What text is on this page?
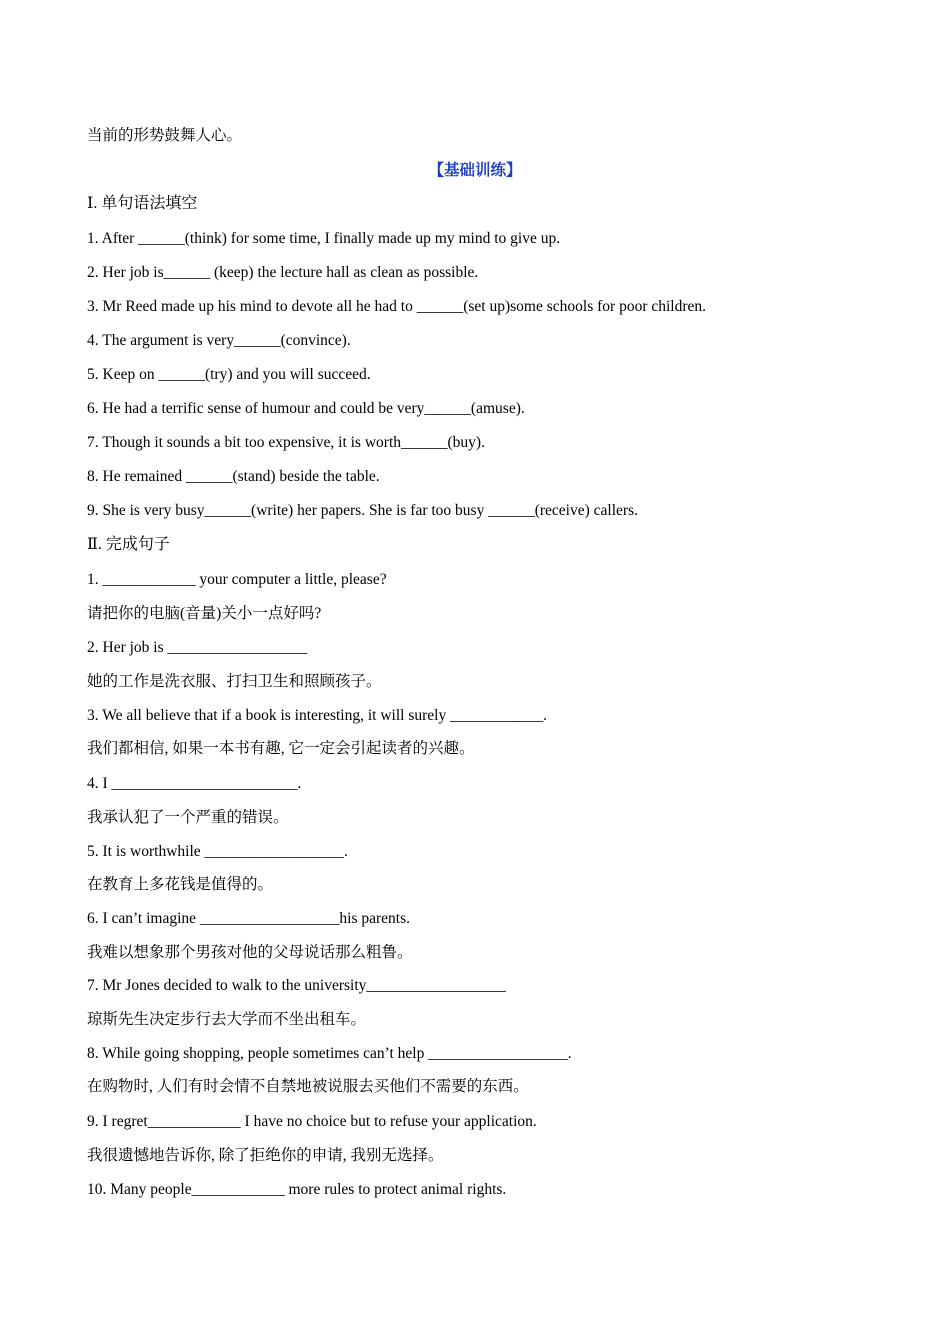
当前的形势鼓舞人心。
【基础训练】
Ⅰ. 单句语法填空
1. After ______(think) for some time, I finally made up my mind to give up.
2. Her job is______ (keep) the lecture hall as clean as possible.
3. Mr Reed made up his mind to devote all he had to ______(set up)some schools for poor children.
4. The argument is very______(convince).
5. Keep on ______(try) and you will succeed.
6. He had a terrific sense of humour and could be very______(amuse).
7. Though it sounds a bit too expensive, it is worth______(buy).
8. He remained ______(stand) beside the table.
9. She is very busy______(write) her papers. She is far too busy ______(receive) callers.
Ⅱ. 完成句子
1. ____________ your computer a little, please?
请把你的电脑(音量)关小一点好吗?
2. Her job is __________________
她的工作是洗衣服、打扫卫生和照顾孩子。
3. We all believe that if a book is interesting, it will surely ____________.
我们都相信, 如果一本书有趣, 它一定会引起读者的兴趣。
4. I ________________________.
我承认犯了一个严重的错误。
5. It is worthwhile __________________.
在教育上多花钱是值得的。
6. I can’t imagine __________________his parents.
我难以想象那个男孩对他的父母说话那么粗鲁。
7. Mr Jones decided to walk to the university__________________
琼斯先生决定步行去大学而不坐出租车。
8. While going shopping, people sometimes can’t help __________________.
在购物时, 人们有时会情不自禁地被说服去买他们不需要的东西。
9. I regret____________ I have no choice but to refuse your application.
我很遗憾地告诉你, 除了拒绝你的申请, 我别无选择。
10. Many people____________ more rules to protect animal rights.
